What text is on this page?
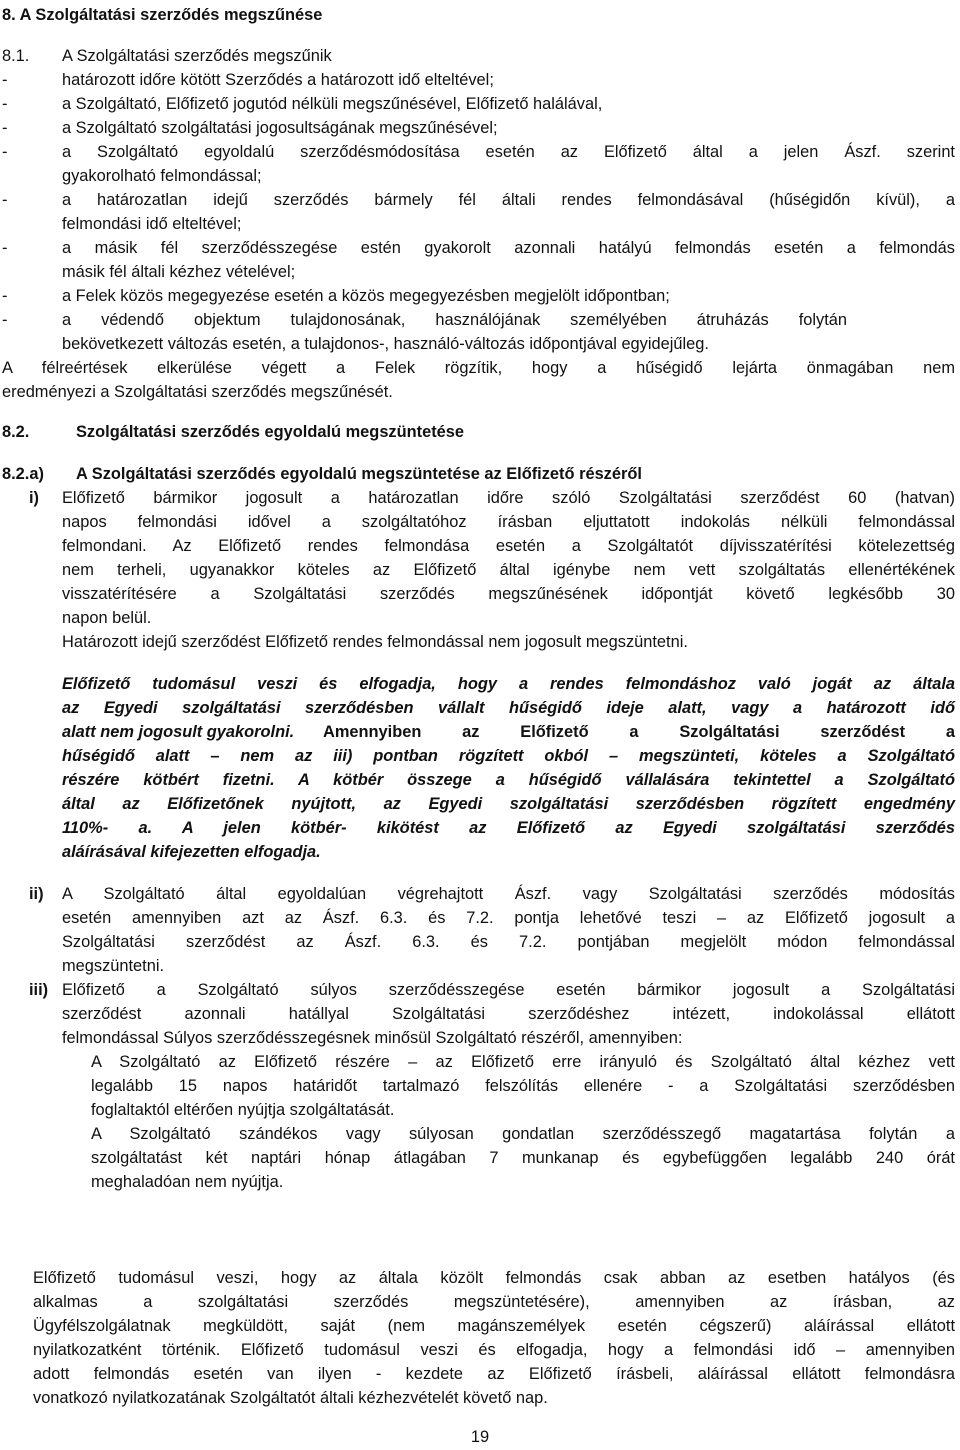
8. A Szolgáltatási szerződés megszűnése
8.1. A Szolgáltatási szerződés megszűnik
-	határozott időre kötött Szerződés a határozott idő elteltével;
-	a Szolgáltató, Előfizető jogutód nélküli megszűnésével, Előfizető halálával,
-	a Szolgáltató szolgáltatási jogosultságának megszűnésével;
-	a Szolgáltató egyoldalú szerződésmódosítása esetén az Előfizető által a jelen Ászf. szerint
gyakorolható felmondással;
-	a határozatlan idejű szerződés bármely fél általi rendes felmondásával (hűségidőn kívül), a
felmondási idő elteltével;
-	a másik fél szerződésszegése estén gyakorolt azonnali hatályú felmondás esetén a felmondás
másik fél általi kézhez vételével;
-	a Felek közös megegyezése esetén a közös megegyezésben megjelölt időpontban;
-	a védendő objektum tulajdonosának, használójának személyében átruházás folytán
bekövetkezett változás esetén, a tulajdonos-, használó-változás időpontjával egyidejűleg.
A félreértések elkerülése végett a Felek rögzítik, hogy a hűségidő lejárta önmagában nem
eredményezi a Szolgáltatási szerződés megszűnését.
8.2.	Szolgáltatási szerződés egyoldalú megszüntetése
8.2.a) A Szolgáltatási szerződés egyoldalú megszüntetése az Előfizető részéről
i) Előfizető bármikor jogosult a határozatlan időre szóló Szolgáltatási szerződést 60 (hatvan)
napos felmondási idővel a szolgáltatóhoz írásban eljuttatott indokolás nélküli felmondással
felmondani. Az Előfizető rendes felmondása esetén a Szolgáltatót díjvisszatérítési kötelezettség
nem terheli, ugyanakkor köteles az Előfizető által igénybe nem vett szolgáltatás ellenértékének
visszatérítésére a Szolgáltatási szerződés megszűnésének időpontját követő legkésőbb 30
napon belül.
Határozott idejű szerződést Előfizető rendes felmondással nem jogosult megszüntetni.
Előfizető tudomásul veszi és elfogadja, hogy a rendes felmondáshoz való jogát az általa
az Egyedi szolgáltatási szerződésben vállalt hűségidő ideje alatt, vagy a határozott idő
alatt nem jogosult gyakorolni. Amennyiben az Előfizető a Szolgáltatási szerződést a
hűségidő alatt – nem az iii) pontban rögzített okból – megszünteti, köteles a Szolgáltató
részére kötbért fizetni. A kötbér összege a hűségidő vállalására tekintettel a Szolgáltató
által az Előfizetőnek nyújtott, az Egyedi szolgáltatási szerződésben rögzített engedmény
110%- a. A jelen kötbér- kikötést az Előfizető az Egyedi szolgáltatási szerződés
aláírásával kifejezetten elfogadja.
ii) A Szolgáltató által egyoldalúan végrehajtott Ászf. vagy Szolgáltatási szerződés módosítás
esetén amennyiben azt az Ászf. 6.3. és 7.2. pontja lehetővé teszi – az Előfizető jogosult a
Szolgáltatási szerződést az Ászf. 6.3. és 7.2. pontjában megjelölt módon felmondással
megszüntetni.
iii) Előfizető a Szolgáltató súlyos szerződésszegése esetén bármikor jogosult a Szolgáltatási
szerződést azonnali hatállyal Szolgáltatási szerződéshez intézett, indokolással ellátott
felmondással Súlyos szerződésszegésnek minősül Szolgáltató részéről, amennyiben:
A Szolgáltató az Előfizető részére – az Előfizető erre irányuló és Szolgáltató által kézhez vett
legalább 15 napos határidőt tartalmazó felszólítás ellenére - a Szolgáltatási szerződésben
foglaltaktól eltérően nyújtja szolgáltatását.
A Szolgáltató szándékos vagy súlyosan gondatlan szerződésszegő magatartása folytán a
szolgáltatást két naptári hónap átlagában 7 munkanap és egybefüggően legalább 240 órát
meghaladóan nem nyújtja.
Előfizető tudomásul veszi, hogy az általa közölt felmondás csak abban az esetben hatályos (és
alkalmas a szolgáltatási szerződés megszüntetésére), amennyiben az írásban, az
Ügyfélszolgálatnak megküldött, saját (nem magánszemélyek esetén cégszerű) aláírással ellátott
nyilatkozatként történik. Előfizető tudomásul veszi és elfogadja, hogy a felmondási idő – amennyiben
adott felmondás esetén van ilyen - kezdete az Előfizető írásbeli, aláírással ellátott felmondásra
vonatkozó nyilatkozatának Szolgáltatót általi kézhezvételét követő nap.
19
